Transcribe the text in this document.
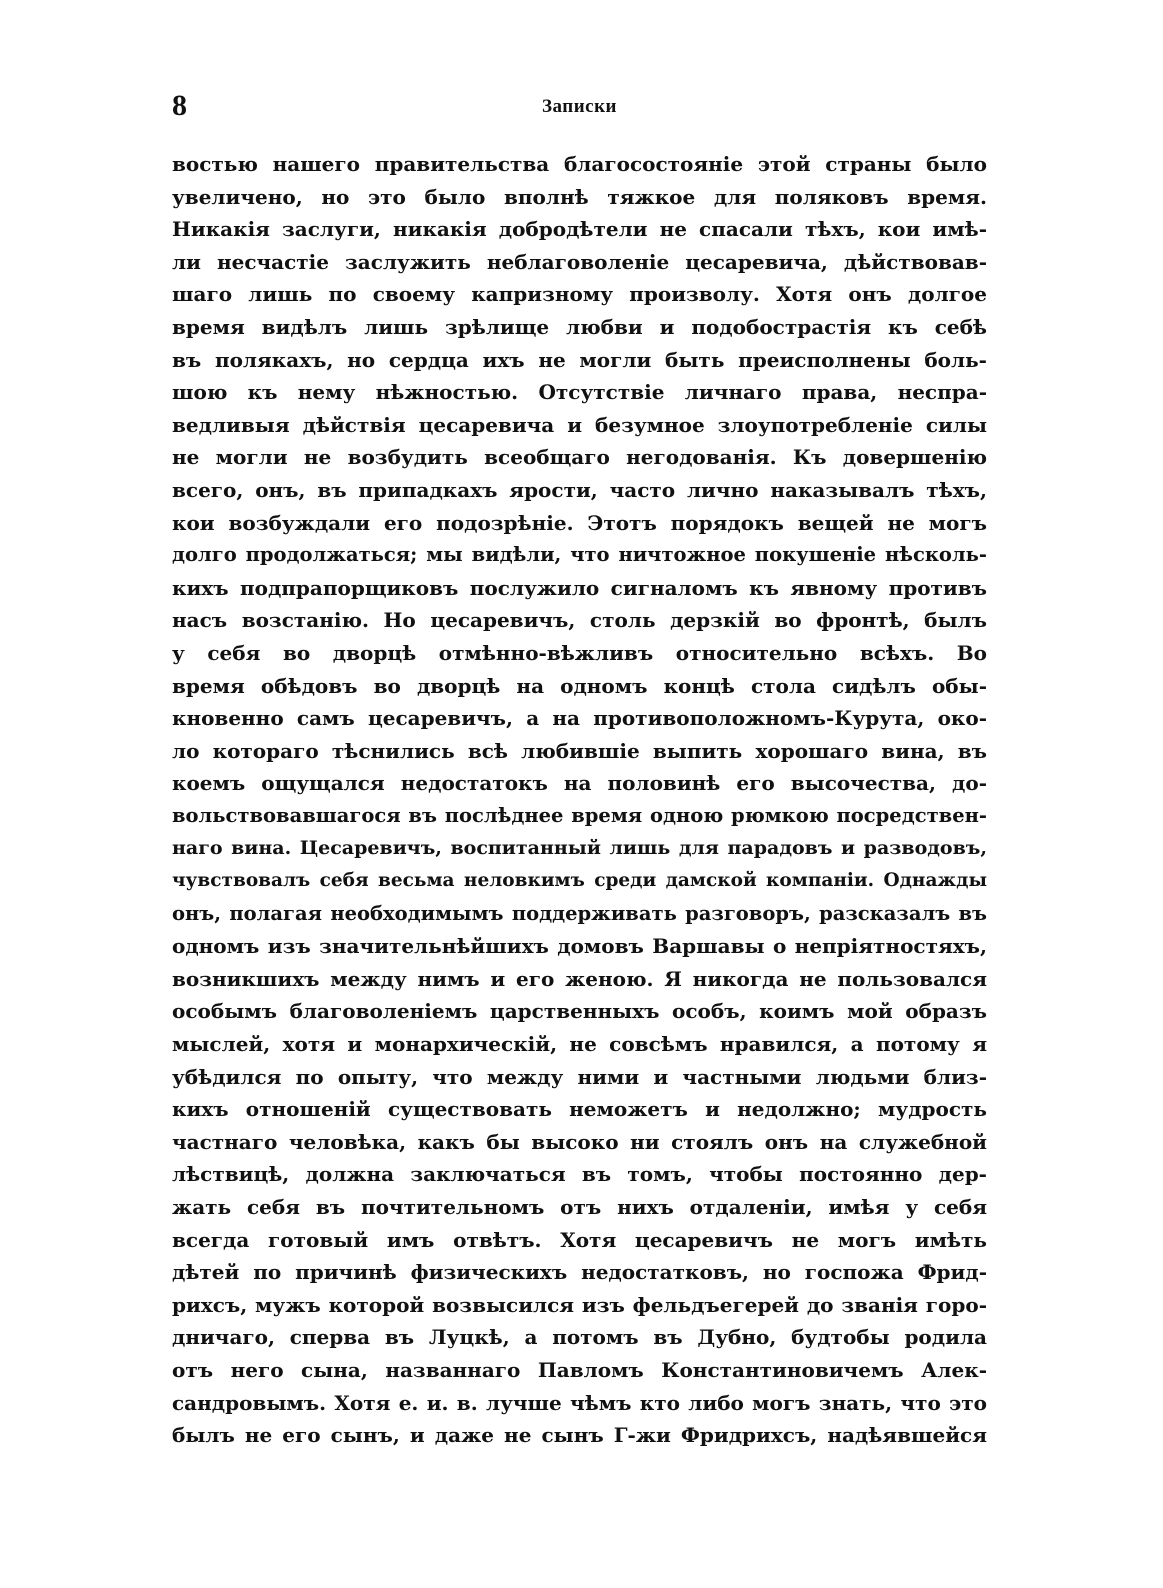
8	Записки
востью нашего правительства благосостояніе этой страны было
увеличено, но это было вполнѣ тяжкое для поляковъ время.
Никакія заслуги, никакія добродѣтели не спасали тѣхъ, кои имѣ-
ли несчастіе заслужить неблаговоленіе цесаревича, дѣйствовав-
шаго лишь по своему капризному произволу. Хотя онъ долгое
время видѣлъ лишь зрѣлище любви и подобострастія къ себѣ
въ полякахъ, но сердца ихъ не могли быть преисполнены боль-
шою къ нему нѣжностью. Отсутствіе личнаго права, неспра-
ведливыя дѣйствія цесаревича и безумное злоупотребленіе силы
не могли не возбудить всеобщаго негодованія. Къ довершенію
всего, онъ, въ припадкахъ ярости, часто лично наказывалъ тѣхъ,
кои возбуждали его подозрѣніе. Этотъ порядокъ вещей не могъ
долго продолжаться; мы видѣли, что ничтожное покушеніе нѣсколь-
кихъ подпрапорщиковъ послужило сигналомъ къ явному противъ
насъ возстанію. Но цесаревичъ, столь дерзкій во фронтѣ, былъ
у себя во дворцѣ отмѣнно-вѣжливъ относительно всѣхъ. Во
время обѣдовъ во дворцѣ на одномъ концѣ стола сидѣлъ обы-
кновенно самъ цесаревичъ, а на противоположномъ-Курута, око-
ло котораго тѣснились всѣ любившіе выпить хорошаго вина, въ
коемъ ощущался недостатокъ на половинѣ его высочества, до-
вольствовавшагося въ послѣднее время одною рюмкою посредствен-
наго вина. Цесаревичъ, воспитанный лишь для парадовъ и разводовъ,
чувствовалъ себя весьма неловкимъ среди дамской компаніи. Однажды
онъ, полагая необходимымъ поддерживать разговоръ, разсказалъ въ
одномъ изъ значительнѣйшихъ домовъ Варшавы о непріятностяхъ,
возникшихъ между нимъ и его женою. Я никогда не пользовался
особымъ благоволеніемъ царственныхъ особъ, коимъ мой образъ
мыслей, хотя и монархическій, не совсѣмъ нравился, а потому я
убѣдился по опыту, что между ними и частными людьми близ-
кихъ отношеній существовать неможетъ и недолжно; мудрость
частнаго человѣка, какъ бы высоко ни стоялъ онъ на служебной
лѣствицѣ, должна заключаться въ томъ, чтобы постоянно дер-
жать себя въ почтительномъ отъ нихъ отдаленіи, имѣя у себя
всегда готовый имъ отвѣтъ. Хотя цесаревичъ не могъ имѣть
дѣтей по причинѣ физическихъ недостатковъ, но госпожа Фрид-
рихсъ, мужъ которой возвысился изъ фельдъегерей до званія горо-
дничаго, сперва въ Луцкѣ, а потомъ въ Дубно, будтобы родила
отъ него сына, названнаго Павломъ Константиновичемъ Алек-
сандровымъ. Хотя е. и. в. лучше чѣмъ кто либо могъ знать, что это
былъ не его сынъ, и даже не сынъ Г-жи Фридрихсъ, надѣявшейся
